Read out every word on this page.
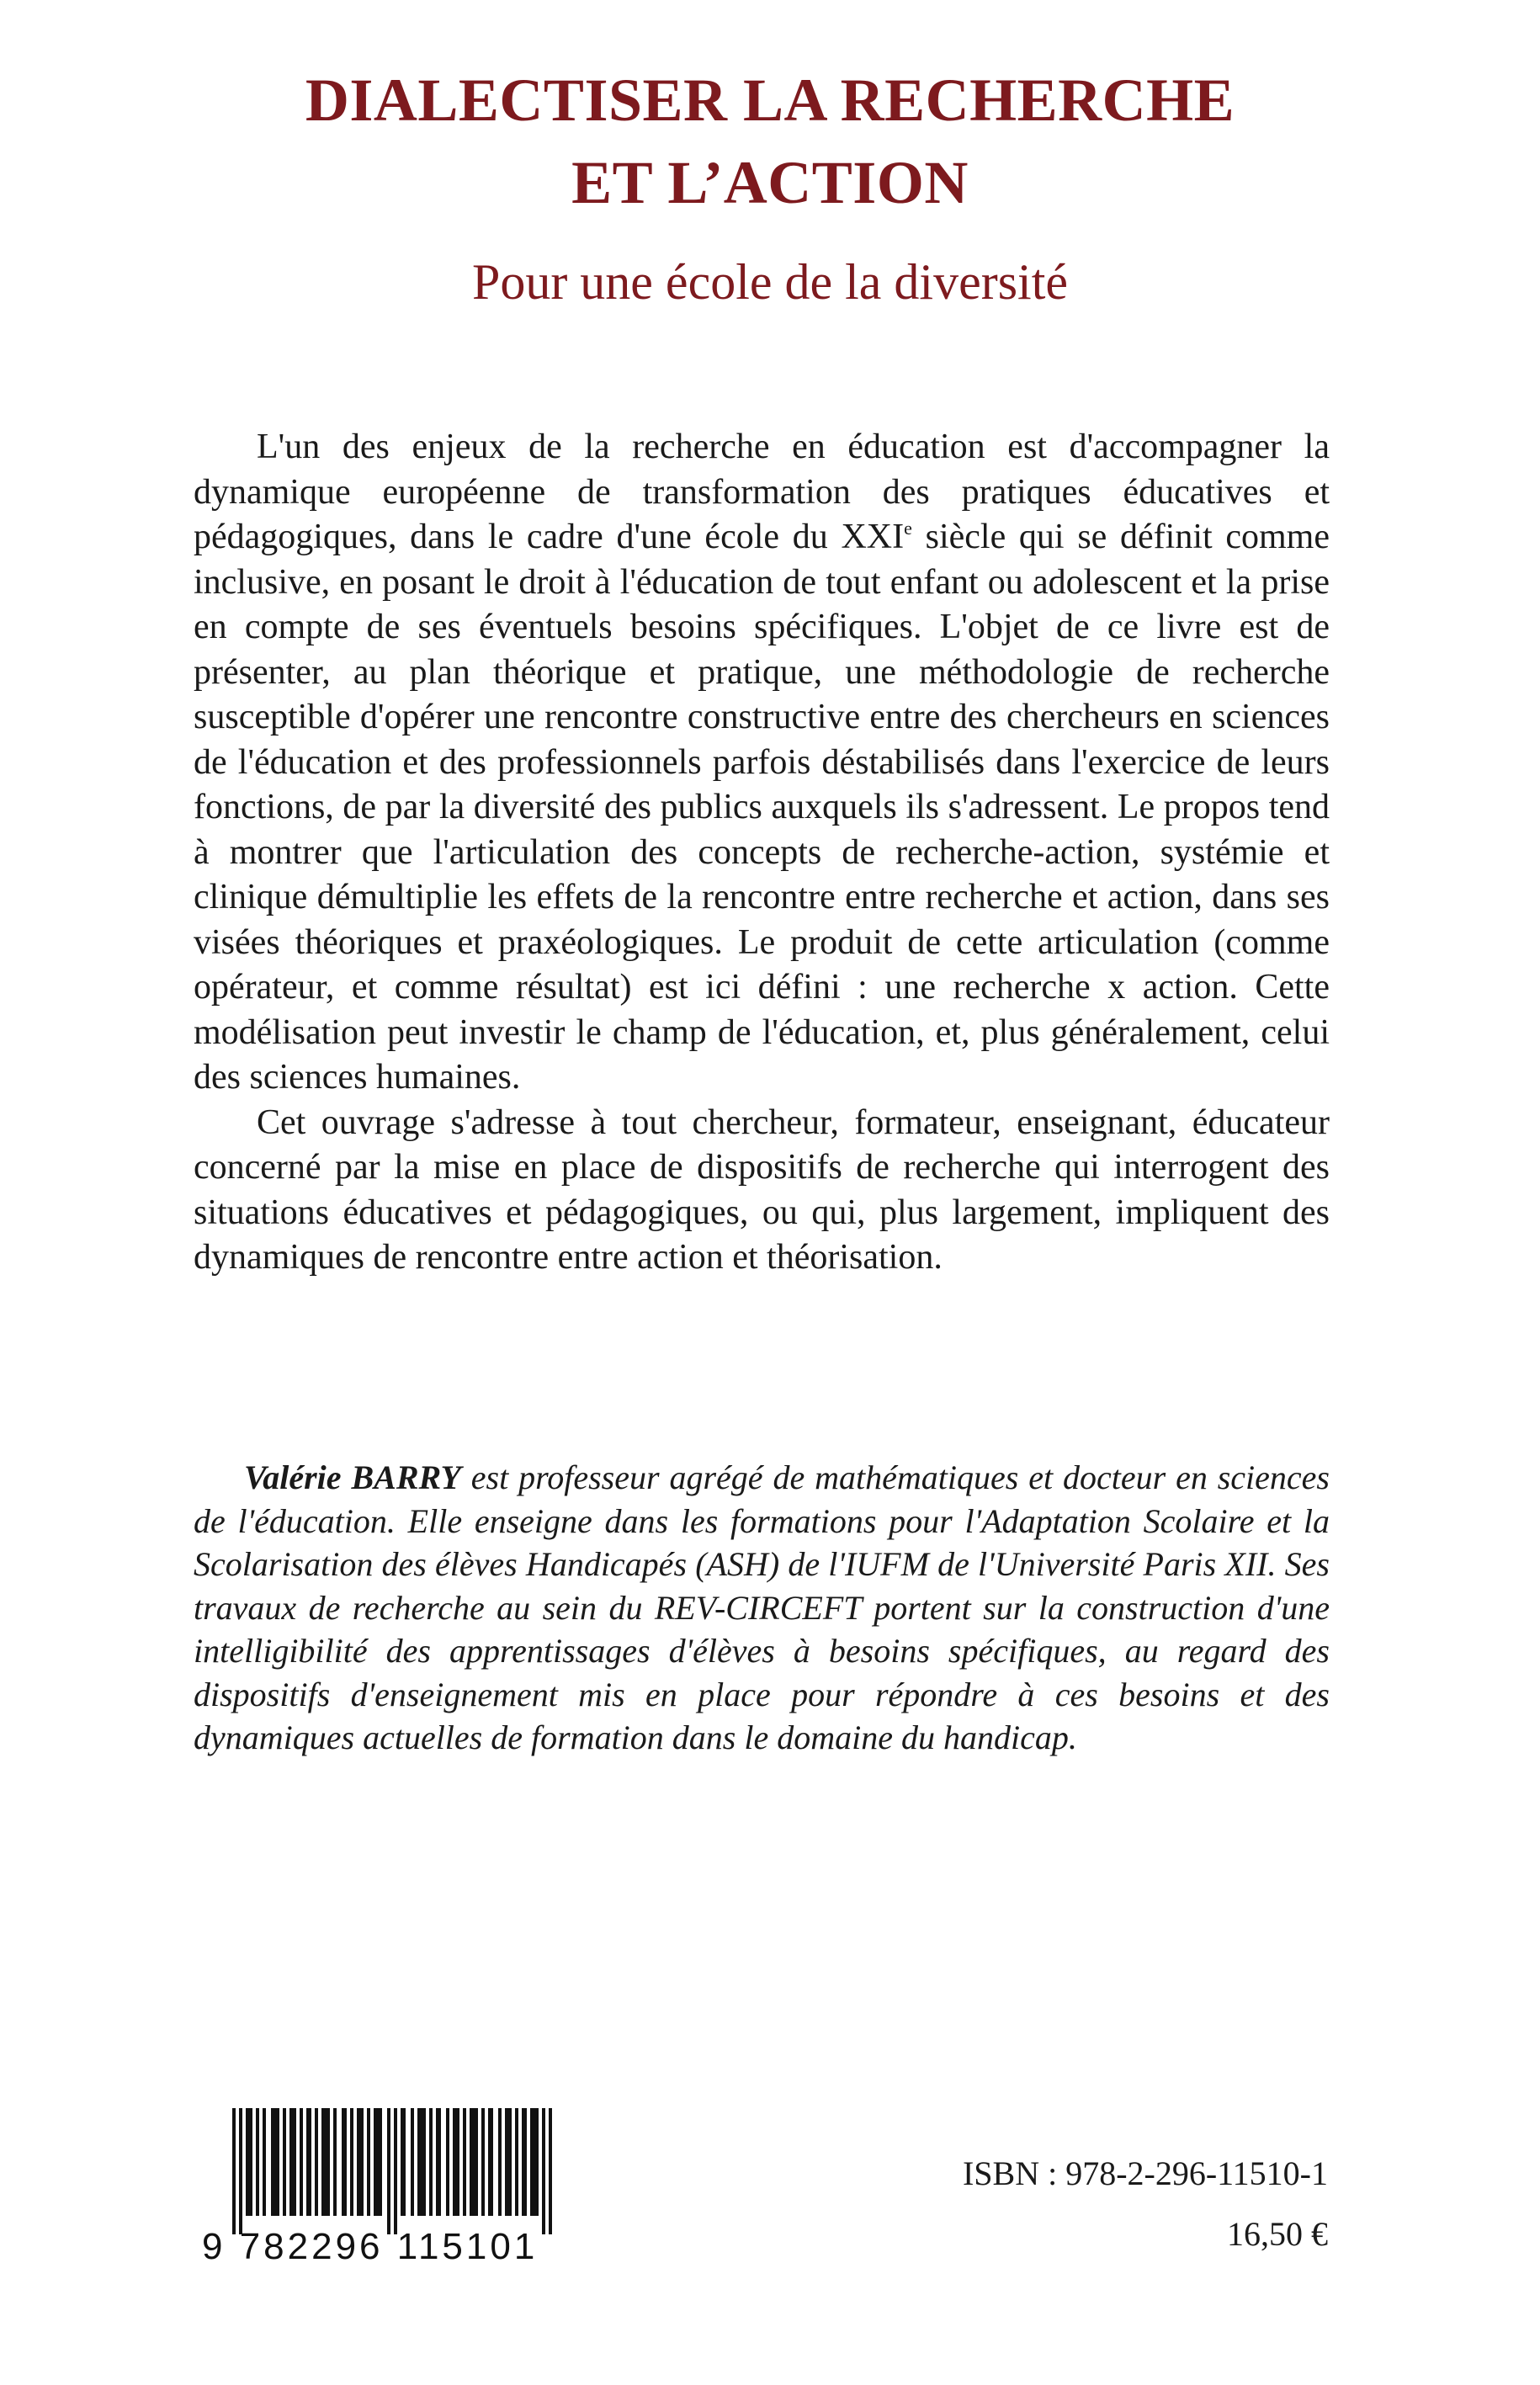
DIALECTISER LA RECHERCHE
ET L’ACTION
Pour une école de la diversité

L'un des enjeux de la recherche en éducation est d'accompagner la dynamique européenne de transformation des pratiques éducatives et pédagogiques, dans le cadre d'une école du XXIe siècle qui se définit comme inclusive, en posant le droit à l'éducation de tout enfant ou adolescent et la prise en compte de ses éventuels besoins spécifiques. L'objet de ce livre est de présenter, au plan théorique et pratique, une méthodologie de recherche susceptible d'opérer une rencontre constructive entre des chercheurs en sciences de l'éducation et des professionnels parfois déstabilisés dans l'exercice de leurs fonctions, de par la diversité des publics auxquels ils s'adressent. Le propos tend à montrer que l'articulation des concepts de recherche-action, systémie et clinique démultiplie les effets de la rencontre entre recherche et action, dans ses visées théoriques et praxéologiques. Le produit de cette articulation (comme opérateur, et comme résultat) est ici défini : une recherche x action. Cette modélisation peut investir le champ de l'éducation, et, plus généralement, celui des sciences humaines.

Cet ouvrage s'adresse à tout chercheur, formateur, enseignant, éducateur concerné par la mise en place de dispositifs de recherche qui interrogent des situations éducatives et pédagogiques, ou qui, plus largement, impliquent des dynamiques de rencontre entre action et théorisation.

Valérie BARRY est professeur agrégé de mathématiques et docteur en sciences de l'éducation. Elle enseigne dans les formations pour l'Adaptation Scolaire et la Scolarisation des élèves Handicapés (ASH) de l'IUFM de l'Université Paris XII. Ses travaux de recherche au sein du REV-CIRCEFT portent sur la construction d'une intelligibilité des apprentissages d'élèves à besoins spécifiques, au regard des dispositifs d'enseignement mis en place pour répondre à ces besoins et des dynamiques actuelles de formation dans le domaine du handicap.

9 782296 115101
ISBN : 978-2-296-11510-1
16,50 €
